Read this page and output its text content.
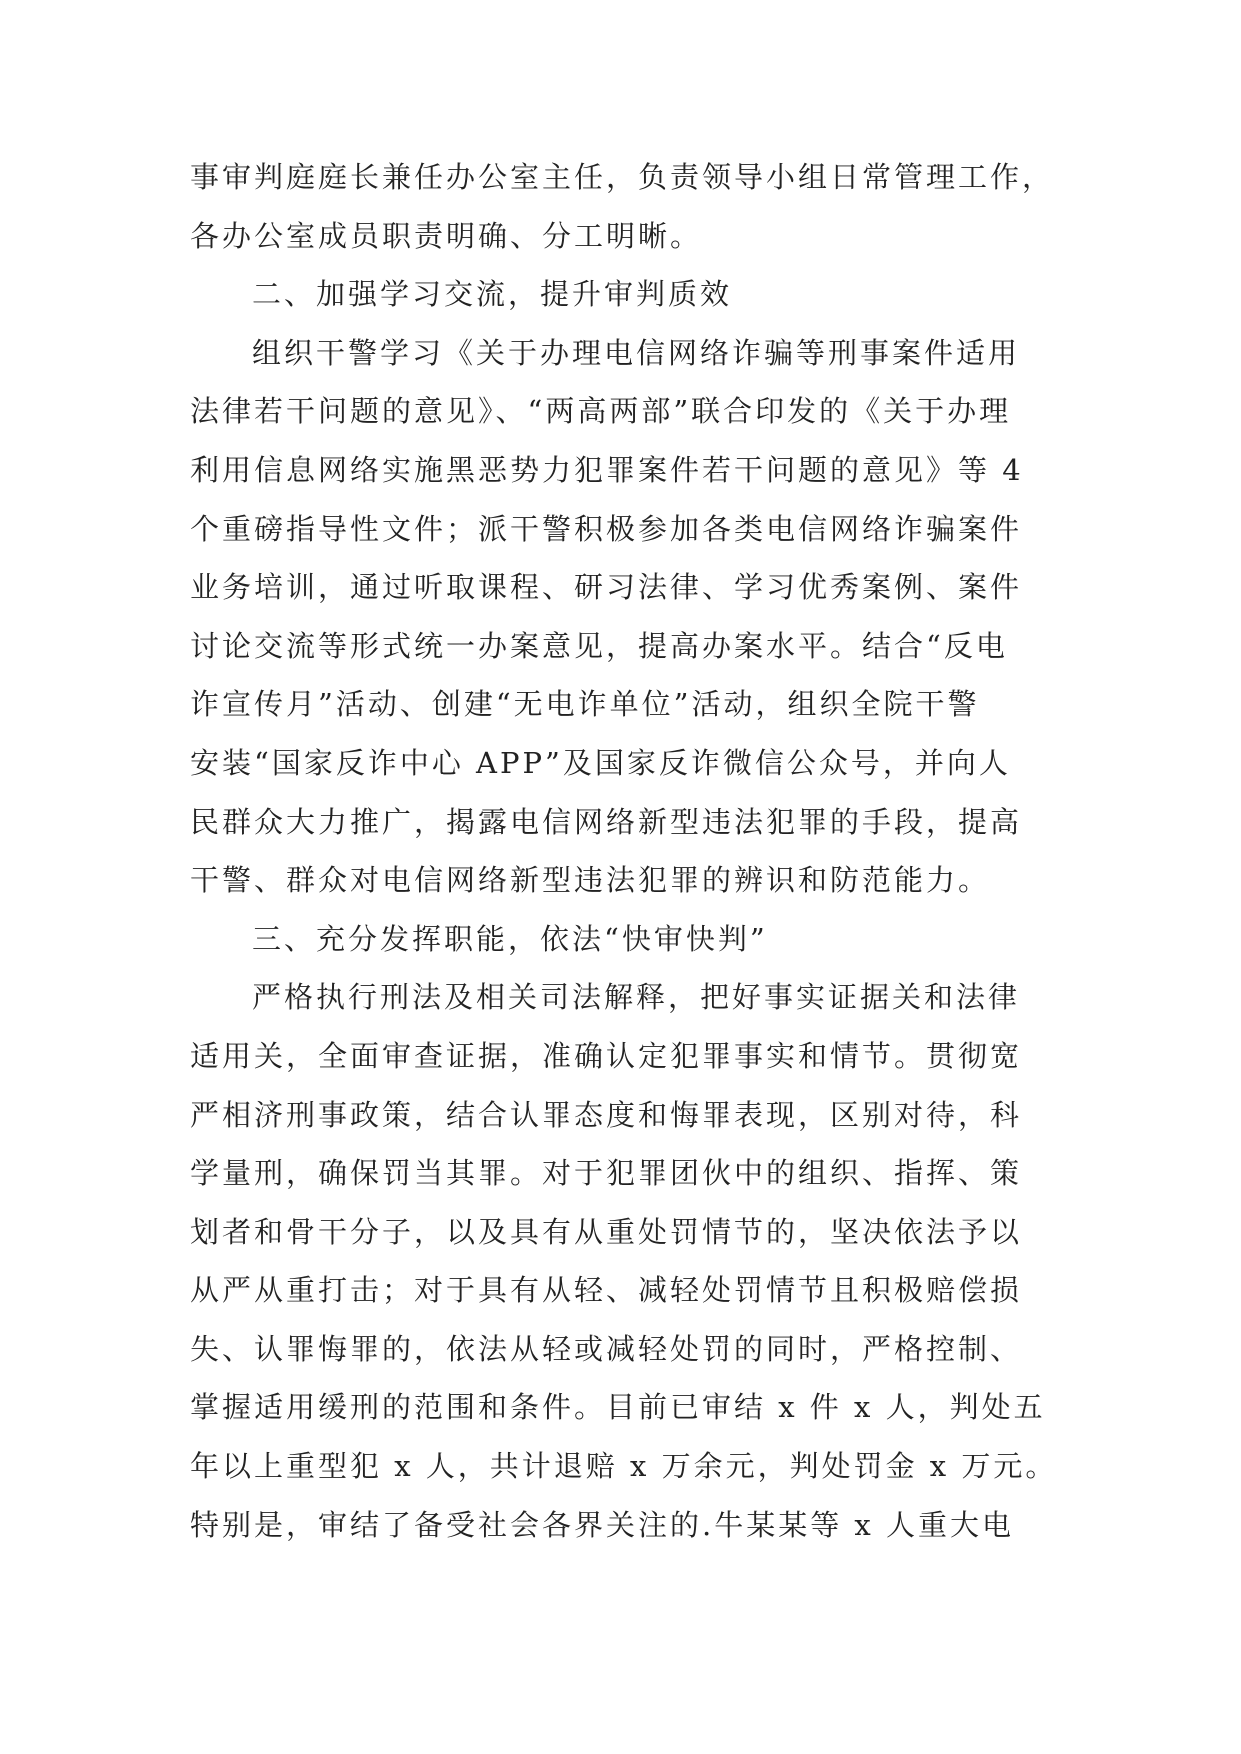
事审判庭庭长兼任办公室主任，负责领导小组日常管理工作，
各办公室成员职责明确、分工明晰。
二、加强学习交流，提升审判质效
组织干警学习《关于办理电信网络诈骗等刑事案件适用
法律若干问题的意见》、“两高两部”联合印发的《关于办理
利用信息网络实施黑恶势力犯罪案件若干问题的意见》等 4
个重磅指导性文件；派干警积极参加各类电信网络诈骗案件
业务培训，通过听取课程、研习法律、学习优秀案例、案件
讨论交流等形式统一办案意见，提高办案水平。结合“反电
诈宣传月”活动、创建“无电诈单位”活动，组织全院干警
安装“国家反诈中心 APP”及国家反诈微信公众号，并向人
民群众大力推广，揭露电信网络新型违法犯罪的手段，提高
干警、群众对电信网络新型违法犯罪的辨识和防范能力。
三、充分发挥职能，依法“快审快判”
严格执行刑法及相关司法解释，把好事实证据关和法律
适用关，全面审查证据，准确认定犯罪事实和情节。贯彻宽
严相济刑事政策，结合认罪态度和悔罪表现，区别对待，科
学量刑，确保罚当其罪。对于犯罪团伙中的组织、指挥、策
划者和骨干分子，以及具有从重处罚情节的，坚决依法予以
从严从重打击；对于具有从轻、减轻处罚情节且积极赔偿损
失、认罪悔罪的，依法从轻或减轻处罚的同时，严格控制、
掌握适用缓刑的范围和条件。目前已审结 x 件 x 人，判处五
年以上重型犯 x 人，共计退赔 x 万余元，判处罚金 x 万元。
特别是，审结了备受社会各界关注的.牛某某等 x 人重大电
